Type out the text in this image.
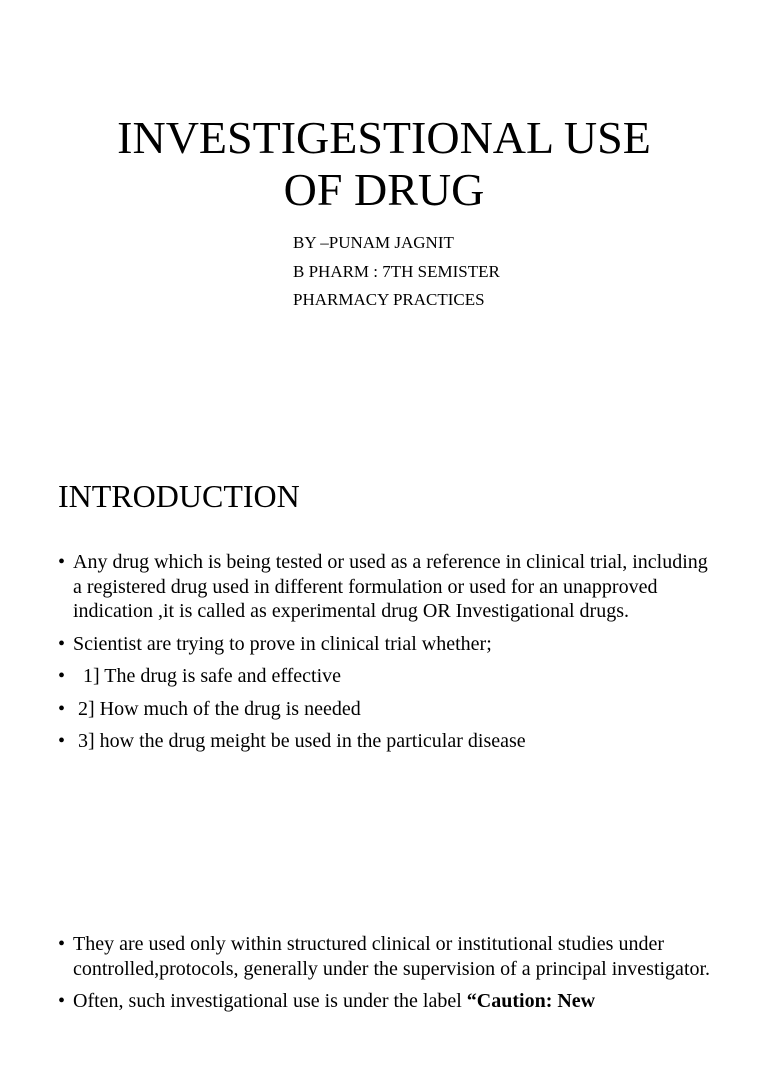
INVESTIGESTIONAL USE
OF DRUG
BY –PUNAM JAGNIT
B PHARM : 7TH SEMISTER
PHARMACY PRACTICES
INTRODUCTION
• Any drug which is being tested or used as a reference in clinical trial, including a registered drug used in different formulation or used for an unapproved indication ,it is called as experimental drug OR Investigational drugs.
• Scientist are trying to prove in clinical trial whether;
• 1] The drug is safe and effective
• 2] How much of the drug is needed
• 3] how the drug meight be used in the particular disease
• They are used only within structured clinical or institutional studies under controlled,protocols, generally under the supervision of a principal investigator.
• Often, such investigational use is under the label “Caution: New
